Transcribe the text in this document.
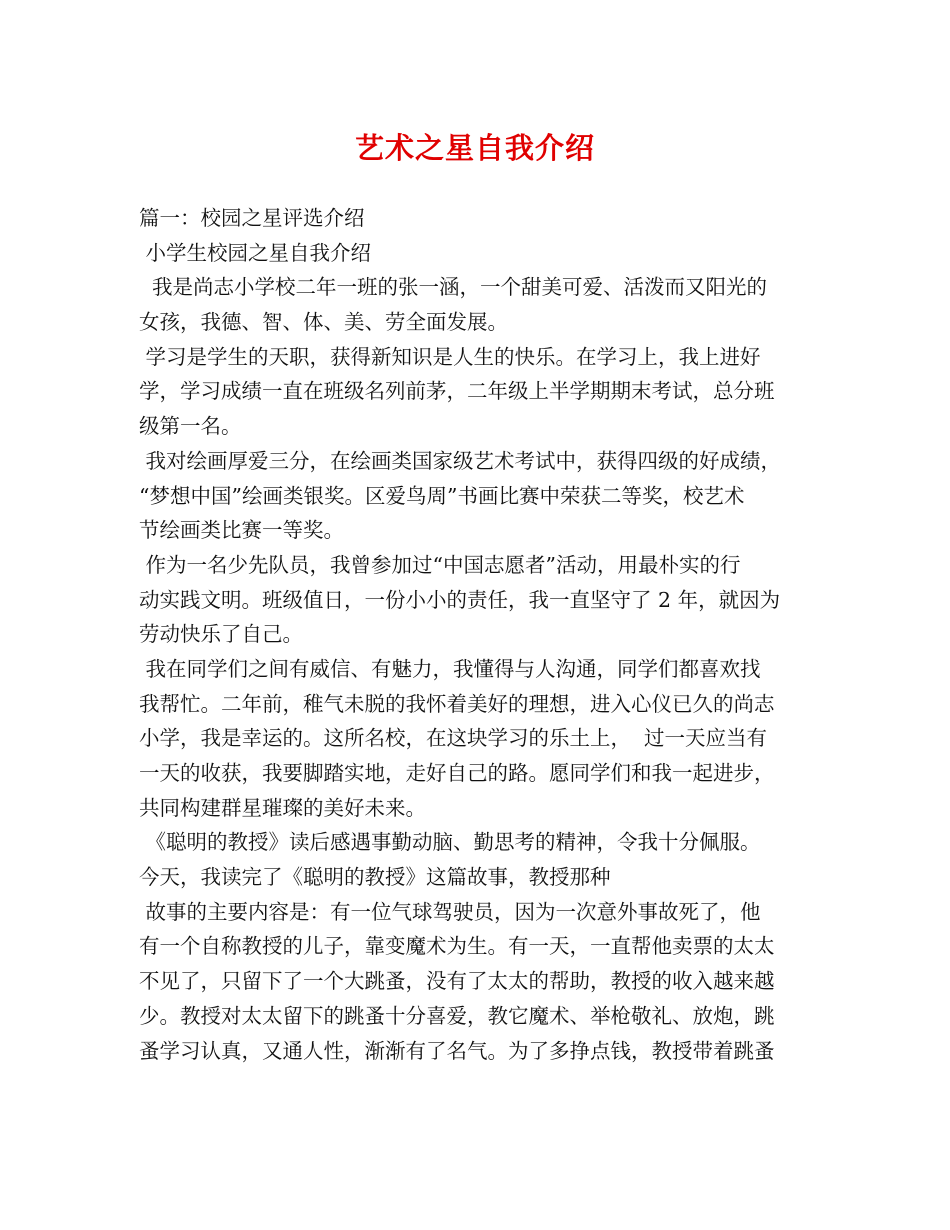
艺术之星自我介绍
篇一：校园之星评选介绍
小学生校园之星自我介绍
我是尚志小学校二年一班的张一涵，一个甜美可爱、活泼而又阳光的
女孩，我德、智、体、美、劳全面发展。
学习是学生的天职，获得新知识是人生的快乐。在学习上，我上进好
学，学习成绩一直在班级名列前茅，二年级上半学期期末考试，总分班
级第一名。
我对绘画厚爱三分，在绘画类国家级艺术考试中，获得四级的好成绩，
“梦想中国”绘画类银奖。区爱鸟周”书画比赛中荣获二等奖，校艺术
节绘画类比赛一等奖。
作为一名少先队员，我曾参加过“中国志愿者”活动，用最朴实的行
动实践文明。班级值日，一份小小的责任，我一直坚守了 2 年，就因为
劳动快乐了自己。
我在同学们之间有威信、有魅力，我懂得与人沟通，同学们都喜欢找
我帮忙。二年前，稚气未脱的我怀着美好的理想，进入心仪已久的尚志
小学，我是幸运的。这所名校，在这块学习的乐土上，  过一天应当有
一天的收获，我要脚踏实地，走好自己的路。愿同学们和我一起进步，
共同构建群星璀璨的美好未来。
《聪明的教授》读后感遇事勤动脑、勤思考的精神，令我十分佩服。
今天，我读完了《聪明的教授》这篇故事，教授那种
故事的主要内容是：有一位气球驾驶员，因为一次意外事故死了，他
有一个自称教授的儿子，靠变魔术为生。有一天，一直帮他卖票的太太
不见了，只留下了一个大跳蚤，没有了太太的帮助，教授的收入越来越
少。教授对太太留下的跳蚤十分喜爱，教它魔术、举枪敬礼、放炮，跳
蚤学习认真，又通人性，渐渐有了名气。为了多挣点钱，教授带着跳蚤
